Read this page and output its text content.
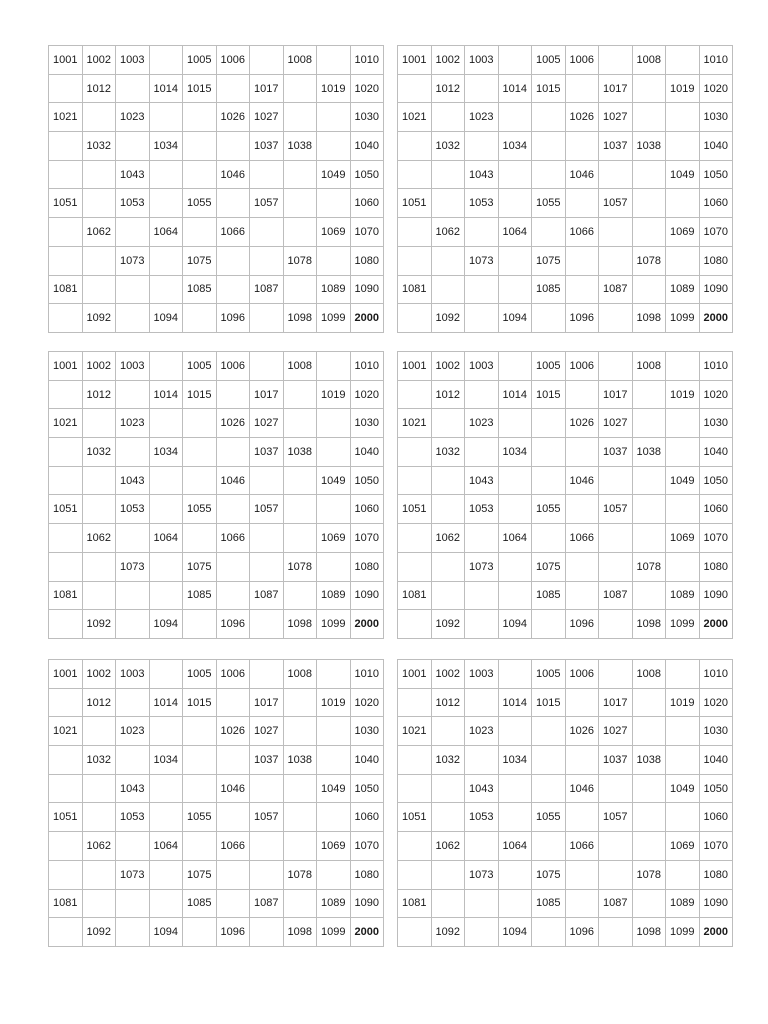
1001	1002	1003		1005	1006		1008		1010
	1012		1014	1015		1017		1019	1020
1021		1023			1026	1027			1030
	1032		1034			1037	1038		1040
		1043			1046			1049	1050
1051		1053		1055		1057			1060
	1062		1064		1066			1069	1070
		1073		1075			1078		1080
1081				1085		1087		1089	1090
	1092		1094		1096		1098	1099	2000
1001	1002	1003		1005	1006		1008		1010
	1012		1014	1015		1017		1019	1020
1021		1023			1026	1027			1030
	1032		1034			1037	1038		1040
		1043			1046			1049	1050
1051		1053		1055		1057			1060
	1062		1064		1066			1069	1070
		1073		1075			1078		1080
1081				1085		1087		1089	1090
	1092		1094		1096		1098	1099	2000
1001	1002	1003		1005	1006		1008		1010
	1012		1014	1015		1017		1019	1020
1021		1023			1026	1027			1030
	1032		1034			1037	1038		1040
		1043			1046			1049	1050
1051		1053		1055		1057			1060
	1062		1064		1066			1069	1070
		1073		1075			1078		1080
1081				1085		1087		1089	1090
	1092		1094		1096		1098	1099	2000
1001	1002	1003		1005	1006		1008		1010
	1012		1014	1015		1017		1019	1020
1021		1023			1026	1027			1030
	1032		1034			1037	1038		1040
		1043			1046			1049	1050
1051		1053		1055		1057			1060
	1062		1064		1066			1069	1070
		1073		1075			1078		1080
1081				1085		1087		1089	1090
	1092		1094		1096		1098	1099	2000
1001	1002	1003		1005	1006		1008		1010
	1012		1014	1015		1017		1019	1020
1021		1023			1026	1027			1030
	1032		1034			1037	1038		1040
		1043			1046			1049	1050
1051		1053		1055		1057			1060
	1062		1064		1066			1069	1070
		1073		1075			1078		1080
1081				1085		1087		1089	1090
	1092		1094		1096		1098	1099	2000
1001	1002	1003		1005	1006		1008		1010
	1012		1014	1015		1017		1019	1020
1021		1023			1026	1027			1030
	1032		1034			1037	1038		1040
		1043			1046			1049	1050
1051		1053		1055		1057			1060
	1062		1064		1066			1069	1070
		1073		1075			1078		1080
1081				1085		1087		1089	1090
	1092		1094		1096		1098	1099	2000
